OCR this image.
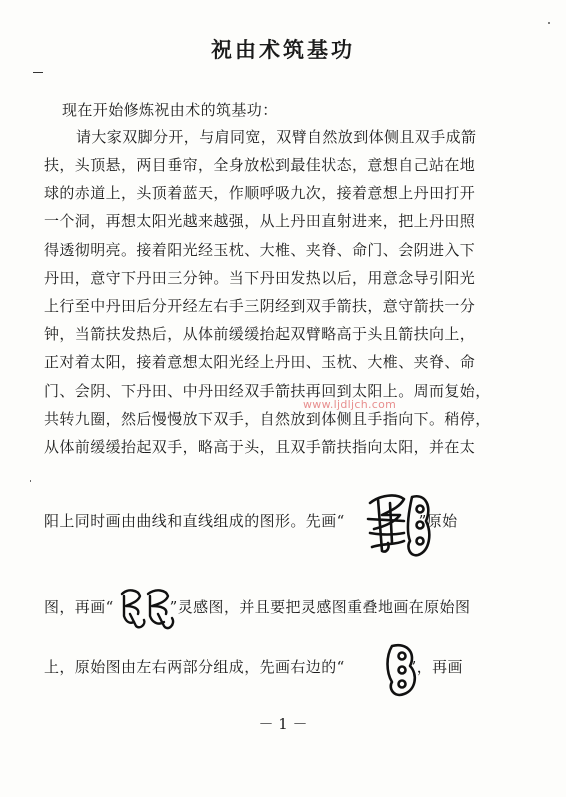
祝由术筑基功
现在开始修炼祝由术的筑基功：
请大家双脚分开，与肩同宽，双臂自然放到体侧且双手成箭
扶，头顶悬，两目垂帘，全身放松到最佳状态，意想自己站在地
球的赤道上，头顶着蓝天，作顺呼吸九次，接着意想上丹田打开
一个洞，再想太阳光越来越强，从上丹田直射进来，把上丹田照
得透彻明亮。接着阳光经玉枕、大椎、夹脊、命门、会阴进入下
丹田，意守下丹田三分钟。当下丹田发热以后，用意念导引阳光
上行至中丹田后分开经左右手三阴经到双手箭扶，意守箭扶一分
钟，当箭扶发热后，从体前缓缓抬起双臂略高于头且箭扶向上，
正对着太阳，接着意想太阳光经上丹田、玉枕、大椎、夹脊、命
门、会阴、下丹田、中丹田经双手箭扶再回到太阳上。周而复始，
共转九圈，然后慢慢放下双手，自然放到体侧且手指向下。稍停，
从体前缓缓抬起双手，略高于头，且双手箭扶指向太阳，并在太
www.ljdljch.com
阳上同时画由曲线和直线组成的图形。先画“	”原始
图，再画“	”灵感图，并且要把灵感图重叠地画在原始图
上，原始图由左右两部分组成，先画右边的“	”，再画
－ 1 －
